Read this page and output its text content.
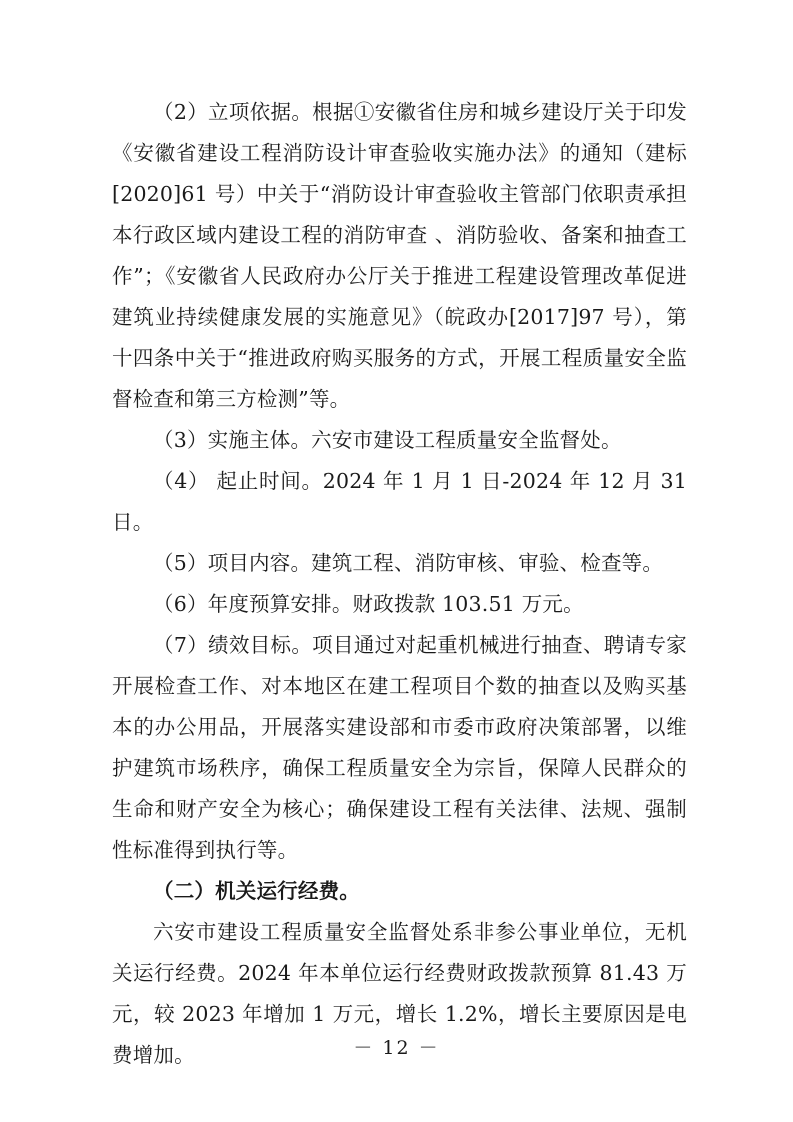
（2）立项依据。根据①安徽省住房和城乡建设厅关于印发《安徽省建设工程消防设计审查验收实施办法》的通知（建标[2020]61 号）中关于“消防设计审查验收主管部门依职责承担本行政区域内建设工程的消防审查 、消防验收、备案和抽查工作”；《安徽省人民政府办公厅关于推进工程建设管理改革促进建筑业持续健康发展的实施意见》（皖政办[2017]97 号），第十四条中关于“推进政府购买服务的方式，开展工程质量安全监督检查和第三方检测”等。

（3）实施主体。六安市建设工程质量安全监督处。

（4） 起止时间。2024 年 1 月 1 日-2024 年 12 月 31 日。

（5）项目内容。建筑工程、消防审核、审验、检查等。

（6）年度预算安排。财政拨款 103.51 万元。

（7）绩效目标。项目通过对起重机械进行抽查、聘请专家开展检查工作、对本地区在建工程项目个数的抽查以及购买基本的办公用品，开展落实建设部和市委市政府决策部署，以维护建筑市场秩序，确保工程质量安全为宗旨，保障人民群众的生命和财产安全为核心；确保建设工程有关法律、法规、强制性标准得到执行等。

（二）机关运行经费。

六安市建设工程质量安全监督处系非参公事业单位，无机关运行经费。2024 年本单位运行经费财政拨款预算 81.43 万元，较 2023 年增加 1 万元，增长 1.2%，增长主要原因是电费增加。	－ 12 －
